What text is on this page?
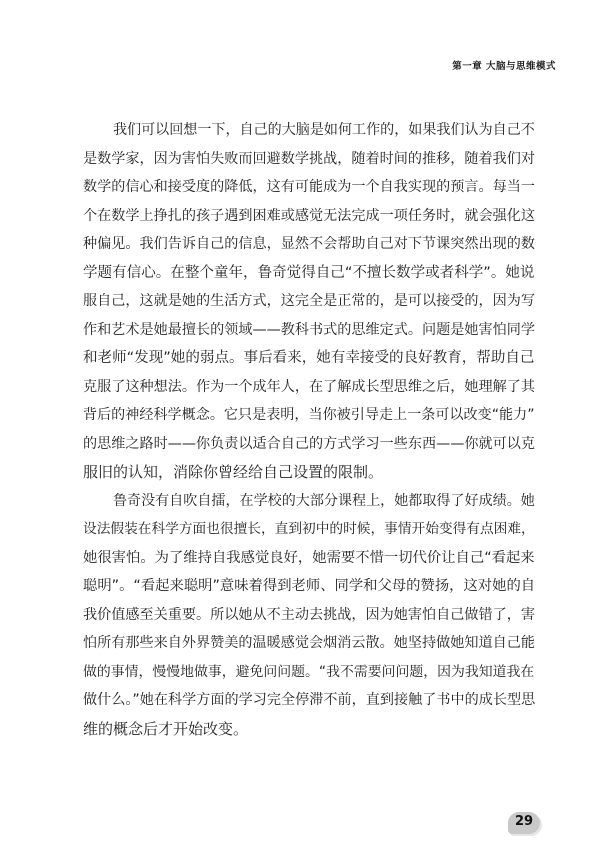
第一章 大脑与思维模式

我们可以回想一下，自己的大脑是如何工作的，如果我们认为自己不
是数学家，因为害怕失败而回避数学挑战，随着时间的推移，随着我们对
数学的信心和接受度的降低，这有可能成为一个自我实现的预言。每当一
个在数学上挣扎的孩子遇到困难或感觉无法完成一项任务时，就会强化这
种偏见。我们告诉自己的信息，显然不会帮助自己对下节课突然出现的数
学题有信心。在整个童年，鲁奇觉得自己“不擅长数学或者科学”。她说
服自己，这就是她的生活方式，这完全是正常的，是可以接受的，因为写
作和艺术是她最擅长的领域——教科书式的思维定式。问题是她害怕同学
和老师“发现”她的弱点。事后看来，她有幸接受的良好教育，帮助自己
克服了这种想法。作为一个成年人，在了解成长型思维之后，她理解了其
背后的神经科学概念。它只是表明，当你被引导走上一条可以改变“能力”
的思维之路时——你负责以适合自己的方式学习一些东西——你就可以克
服旧的认知，消除你曾经给自己设置的限制。

鲁奇没有自吹自擂，在学校的大部分课程上，她都取得了好成绩。她
设法假装在科学方面也很擅长，直到初中的时候，事情开始变得有点困难，
她很害怕。为了维持自我感觉良好，她需要不惜一切代价让自己“看起来
聪明”。“看起来聪明”意味着得到老师、同学和父母的赞扬，这对她的自
我价值感至关重要。所以她从不主动去挑战，因为她害怕自己做错了，害
怕所有那些来自外界赞美的温暖感觉会烟消云散。她坚持做她知道自己能
做的事情，慢慢地做事，避免问问题。“我不需要问问题，因为我知道我在
做什么。”她在科学方面的学习完全停滞不前，直到接触了书中的成长型思
维的概念后才开始改变。

29
